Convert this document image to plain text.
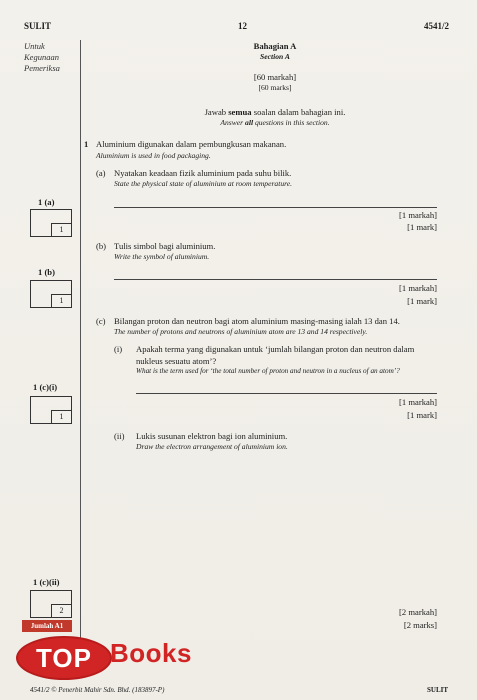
SULIT	12	4541/2
Untuk
Kegunaan
Pemeriksa
Bahagian A
Section A
[60 markah]
[60 marks]
Jawab semua soalan dalam bahagian ini.
Answer all questions in this section.
1 Aluminium digunakan dalam pembungkusan makanan.
Aluminium is used in food packaging.
(a) Nyatakan keadaan fizik aluminium pada suhu bilik.
State the physical state of aluminium at room temperature.
[1 markah]
[1 mark]
1 (a)
1
(b) Tulis simbol bagi aluminium.
Write the symbol of aluminium.
[1 markah]
[1 mark]
1 (b)
1
(c) Bilangan proton dan neutron bagi atom aluminium masing-masing ialah 13 dan 14.
The number of protons and neutrons of aluminium atom are 13 and 14 respectively.
(i) Apakah terma yang digunakan untuk ‘jumlah bilangan proton dan neutron dalam
nukleus sesuatu atom’?
What is the term used for ‘the total number of proton and neutron in a nucleus of an atom’?
[1 markah]
[1 mark]
1 (c)(i)
1
(ii) Lukis susunan elektron bagi ion aluminium.
Draw the electron arrangement of aluminium ion.
[2 markah]
[2 marks]
1 (c)(ii)
2
Jumlah A1
TOP Books
4541/2 © Penerbit Mahir Sdn. Bhd. (183897-P)	SULIT
